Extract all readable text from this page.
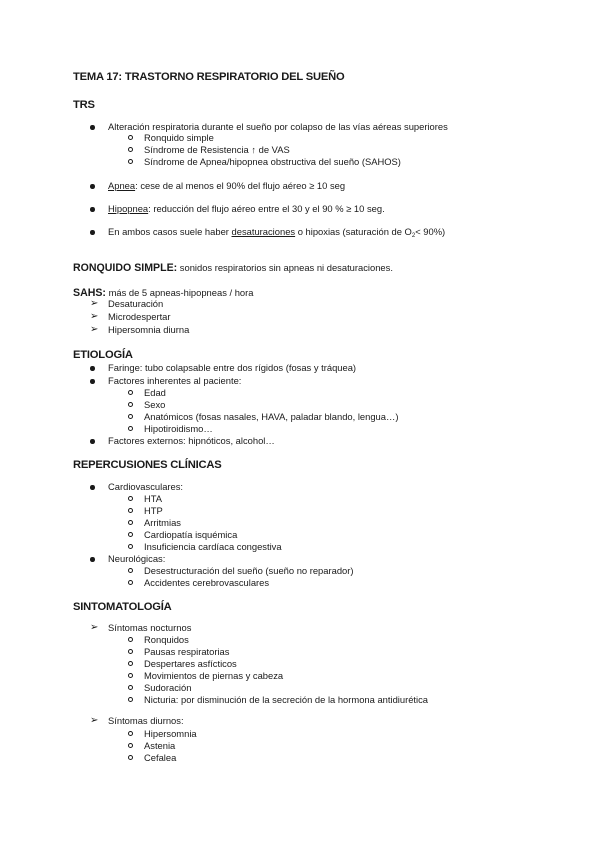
TEMA 17: TRASTORNO RESPIRATORIO DEL SUEÑO
TRS
Alteración respiratoria durante el sueño por colapso de las vías aéreas superiores
Ronquido simple
Síndrome de Resistencia ↑ de VAS
Síndrome de Apnea/hipopnea obstructiva del sueño (SAHOS)
Apnea: cese de al menos el 90% del flujo aéreo ≥ 10 seg
Hipopnea: reducción del flujo aéreo entre el 30 y el 90 % ≥ 10 seg.
En ambos casos suele haber desaturaciones o hipoxias (saturación de $O_2< 90\%$)
RONQUIDO SIMPLE: sonidos respiratorios sin apneas ni desaturaciones.
SAHS: más de 5 apneas-hipopneas / hora
➢ Desaturación
➢ Microdespertar
➢ Hipersomnia diurna
ETIOLOGÍA
Faringe: tubo colapsable entre dos rígidos (fosas y tráquea)
Factores inherentes al paciente:
Edad
Sexo
Anatómicos (fosas nasales, HAVA, paladar blando, lengua…)
Hipotiroidismo…
Factores externos: hipnóticos, alcohol…
REPERCUSIONES CLÍNICAS
Cardiovasculares:
HTA
HTP
Arritmias
Cardiopatía isquémica
Insuficiencia cardíaca congestiva
Neurológicas:
Desestructuración del sueño (sueño no reparador)
Accidentes cerebrovasculares
SINTOMATOLOGÍA
➢ Síntomas nocturnos
Ronquidos
Pausas respiratorias
Despertares asfícticos
Movimientos de piernas y cabeza
Sudoración
Nicturia: por disminución de la secreción de la hormona antidiurética
➢ Síntomas diurnos:
Hipersomnia
Astenia
Cefalea
